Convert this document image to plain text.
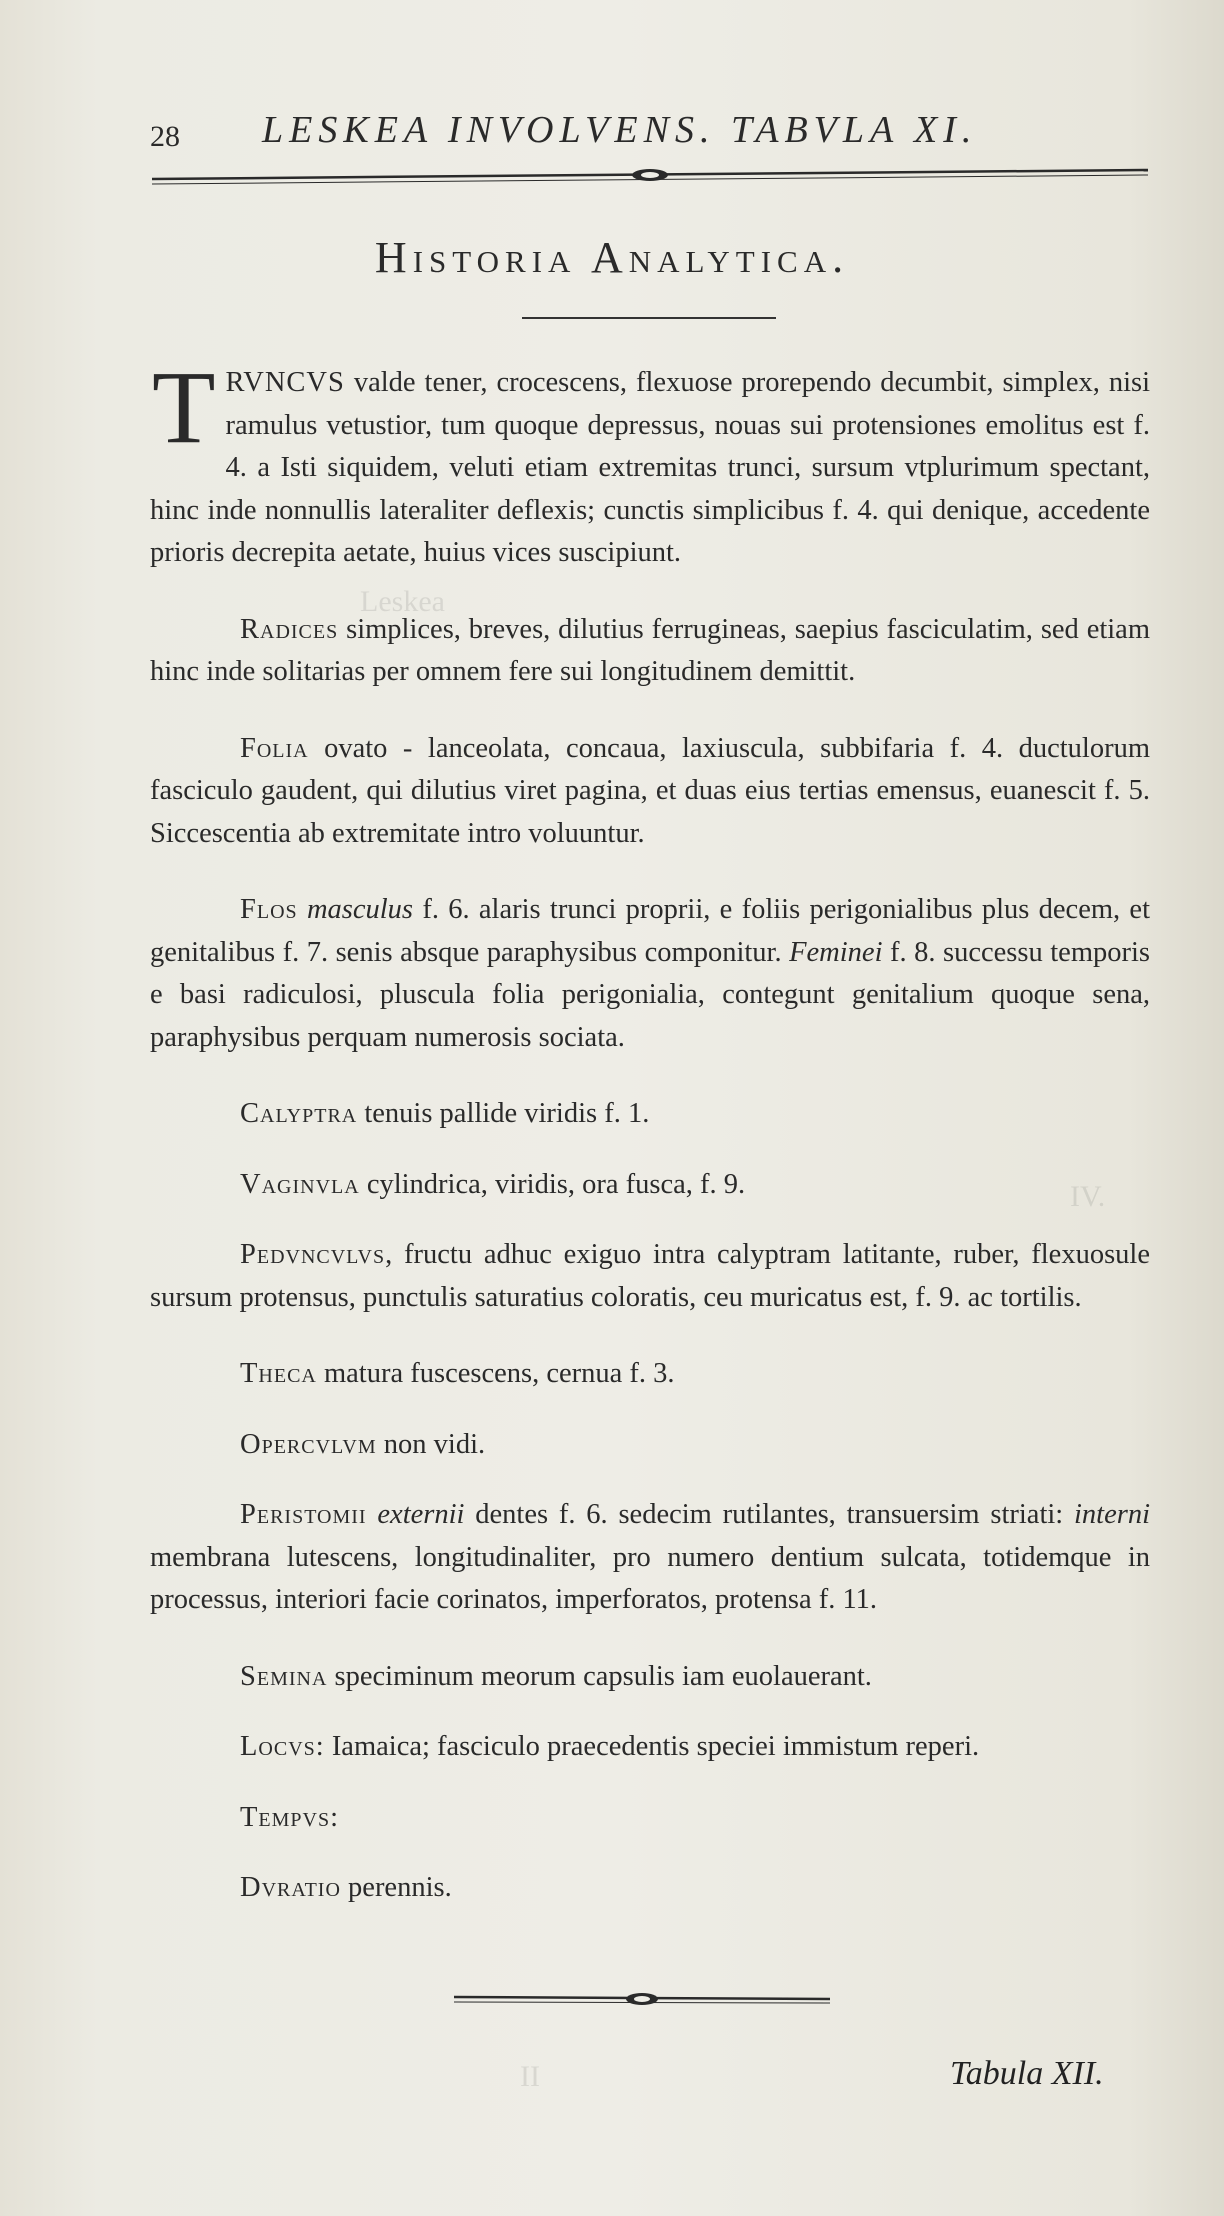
Leskea
IV.
II
28 LESKEA INVOLVENS. TABVLA XI.
Historia Analytica.

TRVNCVS valde tener, crocescens, flexuose prorependo decumbit, simplex, nisi ramulus vetustior, tum quoque depressus, nouas sui protensiones emolitus est f. 4. a Isti siquidem, veluti etiam extremitas trunci, sursum vtplurimum spectant, hinc inde nonnullis lateraliter deflexis; cunctis simplicibus f. 4. qui denique, accedente prioris decrepita aetate, huius vices suscipiunt.

Radices simplices, breves, dilutius ferrugineas, saepius fasciculatim, sed etiam hinc inde solitarias per omnem fere sui longitudinem demittit.

Folia ovato - lanceolata, concaua, laxiuscula, subbifaria f. 4. ductulorum fasciculo gaudent, qui dilutius viret pagina, et duas eius tertias emensus, euanescit f. 5. Siccescentia ab extremitate intro voluuntur.

Flos masculus f. 6. alaris trunci proprii, e foliis perigonialibus plus decem, et genitalibus f. 7. senis absque paraphysibus componitur. Feminei f. 8. successu temporis e basi radiculosi, pluscula folia perigonialia, contegunt genitalium quoque sena, paraphysibus perquam numerosis sociata.

Calyptra tenuis pallide viridis f. 1.

Vaginvla cylindrica, viridis, ora fusca, f. 9.

Pedvncvlvs, fructu adhuc exiguo intra calyptram latitante, ruber, flexuosule sursum protensus, punctulis saturatius coloratis, ceu muricatus est, f. 9. ac tortilis.

Theca matura fuscescens, cernua f. 3.

Opercvlvm non vidi.

Peristomii externii dentes f. 6. sedecim rutilantes, transuersim striati: interni membrana lutescens, longitudinaliter, pro numero dentium sulcata, totidemque in processus, interiori facie corinatos, imperforatos, protensa f. 11.

Semina speciminum meorum capsulis iam euolauerant.

Locvs: Iamaica; fasciculo praecedentis speciei immistum reperi.

Tempvs:

Dvratio perennis.

Tabula XII.
